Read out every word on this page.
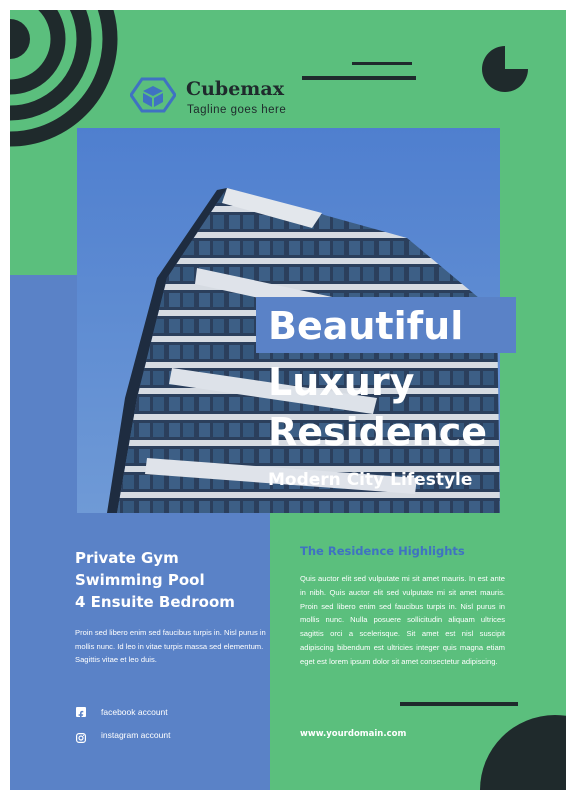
Cubemax
Tagline goes here
Beautiful
Luxury
Residence
Modern City Lifestyle
Private Gym
Swimming Pool
4 Ensuite Bedroom
Proin sed libero enim sed faucibus turpis in. Nisl purus in mollis nunc. Id leo in vitae turpis massa sed elementum. Sagittis vitae et leo duis.
facebook account
instagram account
The Residence Highlights
Quis auctor elit sed vulputate mi sit amet mauris. In est ante in nibh. Quis auctor elit sed vulputate mi sit amet mauris. Proin sed libero enim sed faucibus turpis in. Nisl purus in mollis nunc. Nulla posuere sollicitudin aliquam ultrices sagittis orci a scelerisque. Sit amet est nisl suscipit adipiscing bibendum est ultricies integer quis magna etiam eget est lorem ipsum dolor sit amet consectetur adipiscing.
www.yourdomain.com
